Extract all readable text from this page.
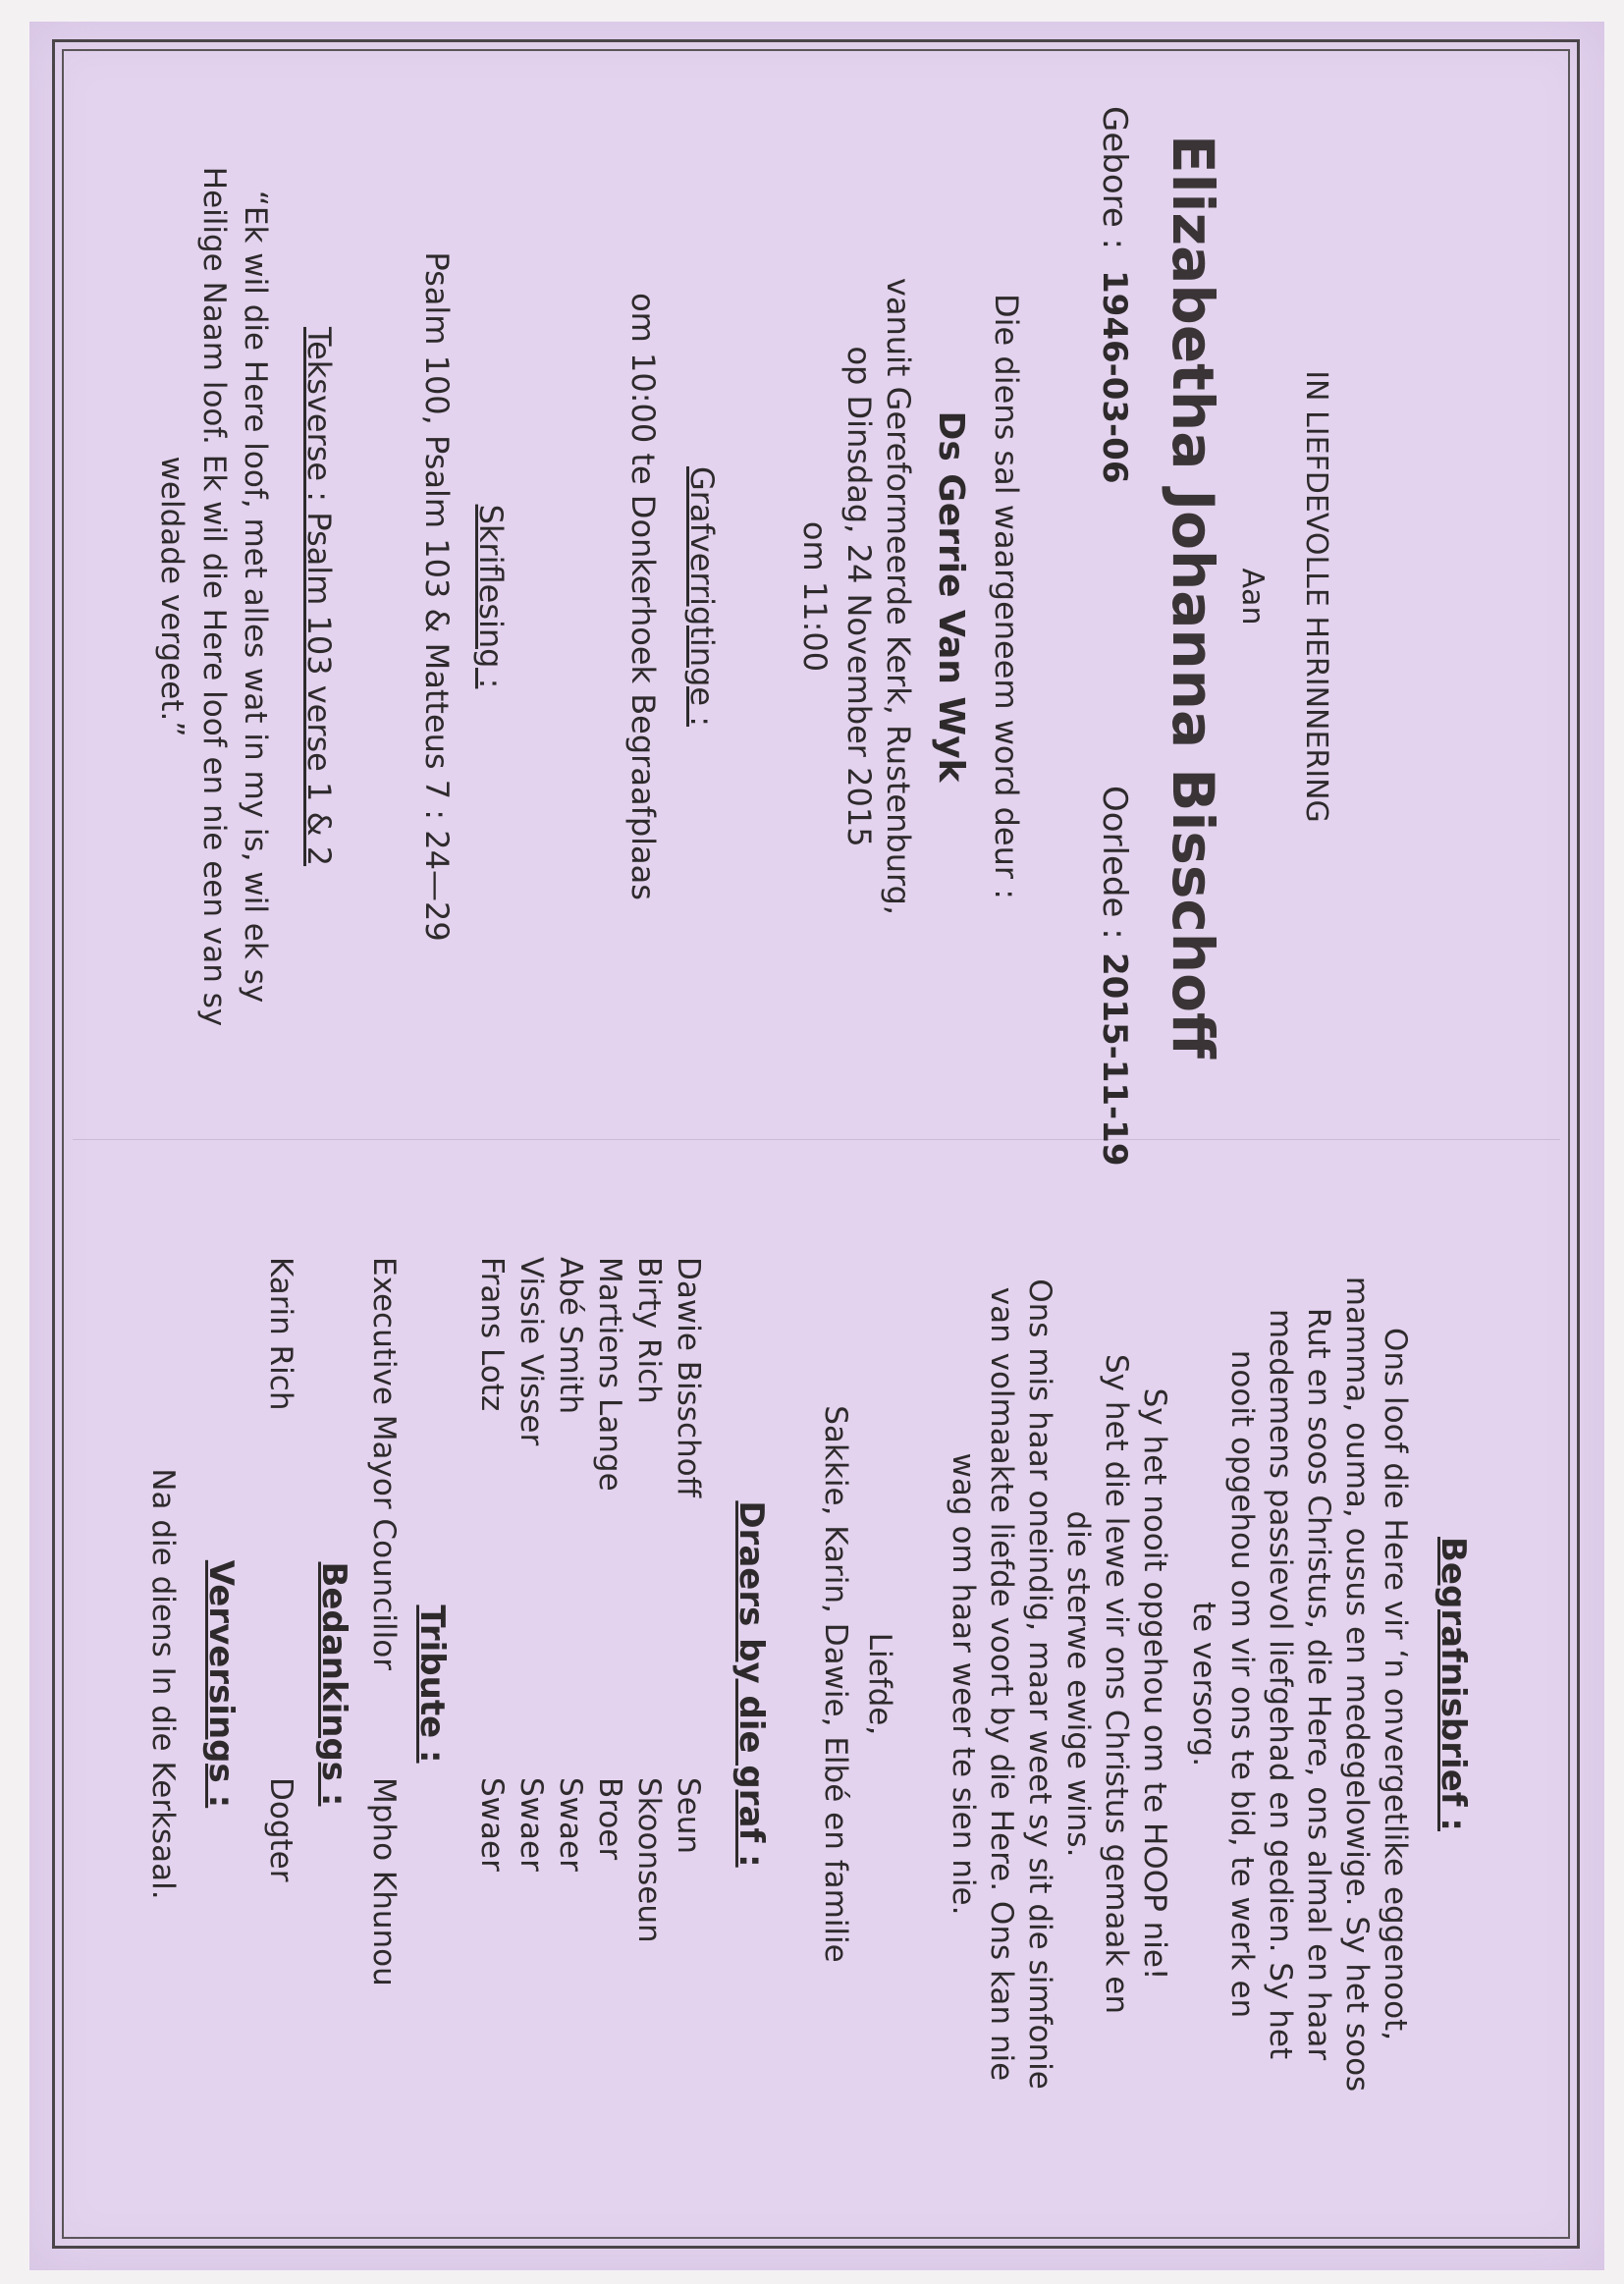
IN LIEFDEVOLLE HERINNERING
Aan
Elizabetha Johanna Bisschoff
Gebore :
1946-03-06
Oorlede :
2015-11-19
Die diens sal waargeneem word deur :
Ds Gerrie Van Wyk
vanuit Gereformeerde Kerk, Rustenburg,
op Dinsdag, 24 November 2015
om 11:00
Grafverrigtinge :
om 10:00 te Donkerhoek Begraafplaas
Skriflesing :
Psalm 100, Psalm 103 & Matteus 7 : 24—29
Teksverse : Psalm 103 verse 1 & 2
“Ek wil die Here loof, met alles wat in my is, wil ek sy
Heilige Naam loof. Ek wil die Here loof en nie een van sy
weldade vergeet.”
Begrafnisbrief :
Ons loof die Here vir ‘n onvergetlike eggenoot,
mamma, ouma, ousus en medegelowige. Sy het soos
Rut en soos Christus, die Here, ons almal en haar
medemens passievol liefgehad en gedien. Sy het
nooit opgehou om vir ons te bid, te werk en
te versorg.
Sy het nooit opgehou om te HOOP nie!
Sy het die lewe vir ons Christus gemaak en
die sterwe ewige wins.
Ons mis haar oneindig, maar weet sy sit die simfonie
van volmaakte liefde voort by die Here. Ons kan nie
wag om haar weer te sien nie.
Liefde,
Sakkie, Karin, Dawie, Elbé en familie
Draers by die graf :
Dawie Bisschoff
Seun
Birty Rich
Skoonseun
Martiens Lange
Broer
Abé Smith
Swaer
Vissie Visser
Swaer
Frans Lotz
Swaer
Tribute :
Executive Mayor Councillor
Mpho Khunou
Bedankings :
Karin Rich
Dogter
Verversings :
Na die diens In die Kerksaal.
